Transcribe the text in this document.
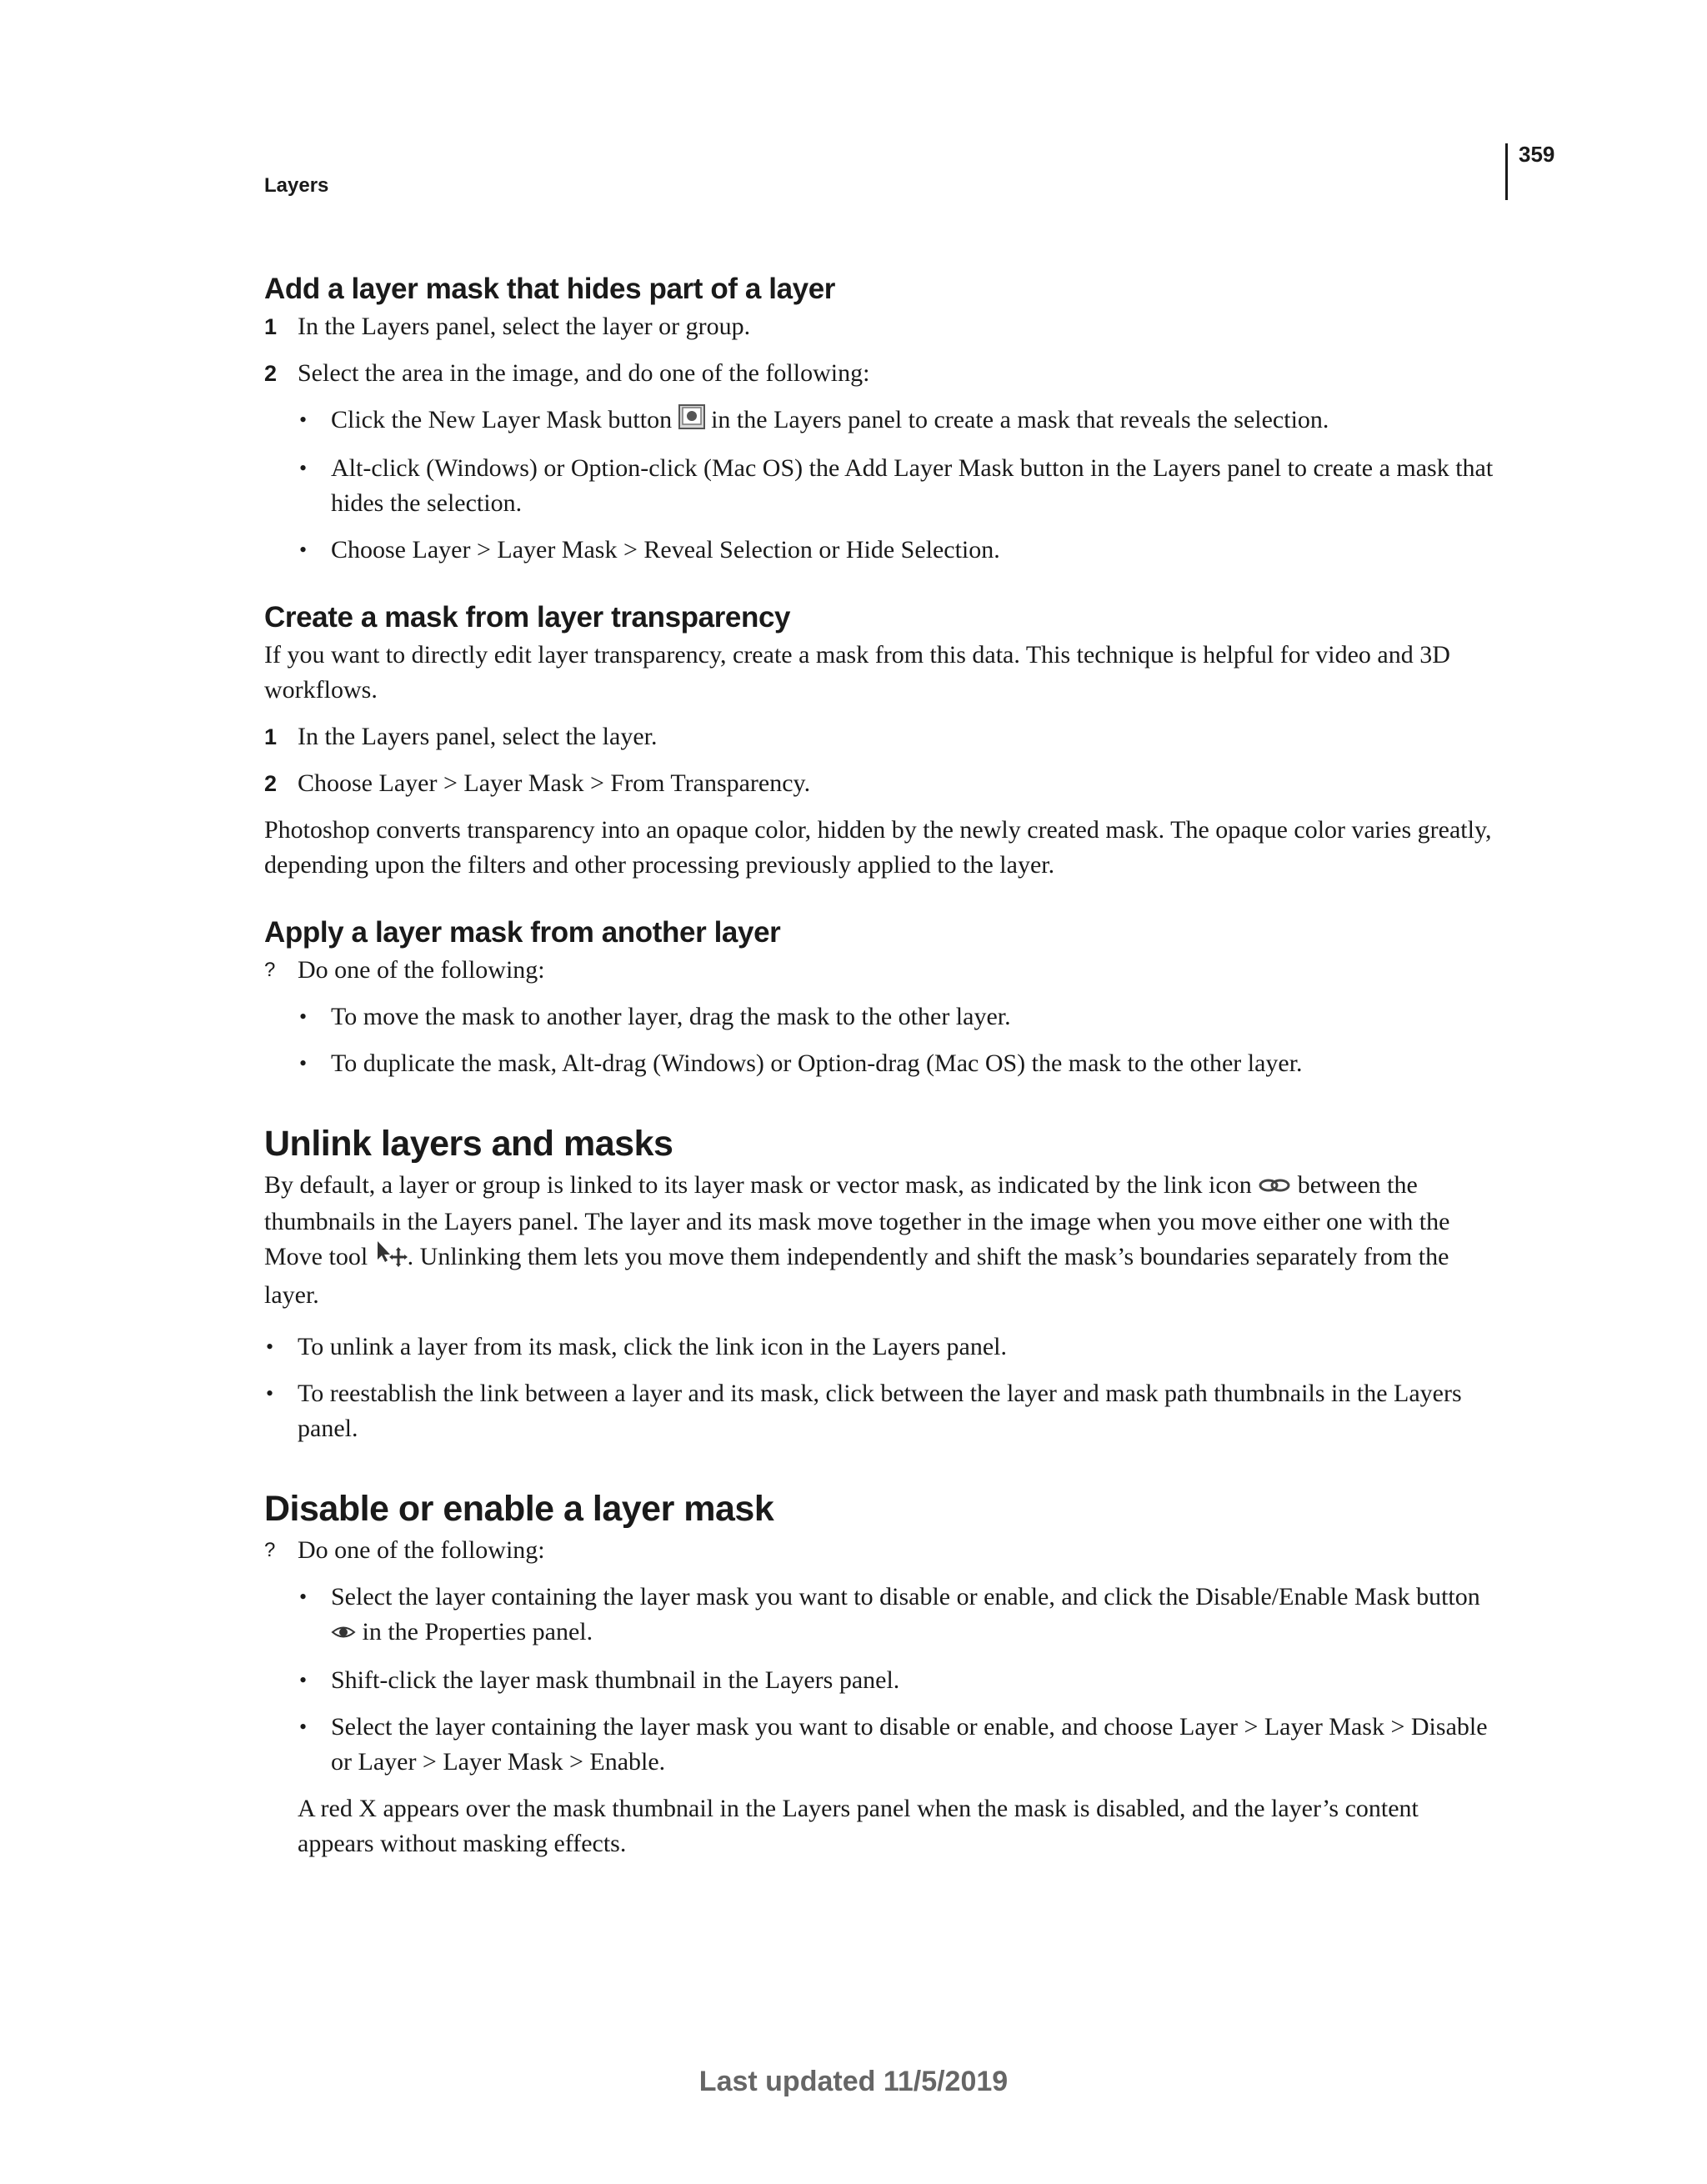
359
Layers
Add a layer mask that hides part of a layer
1 In the Layers panel, select the layer or group.
2 Select the area in the image, and do one of the following:
• Click the New Layer Mask button in the Layers panel to create a mask that reveals the selection.
• Alt-click (Windows) or Option-click (Mac OS) the Add Layer Mask button in the Layers panel to create a mask that hides the selection.
• Choose Layer > Layer Mask > Reveal Selection or Hide Selection.
Create a mask from layer transparency

If you want to directly edit layer transparency, create a mask from this data. This technique is helpful for video and 3D workflows.

1 In the Layers panel, select the layer.
2 Choose Layer > Layer Mask > From Transparency.

Photoshop converts transparency into an opaque color, hidden by the newly created mask. The opaque color varies greatly, depending upon the filters and other processing previously applied to the layer.

Apply a layer mask from another layer
? Do one of the following:
• To move the mask to another layer, drag the mask to the other layer.
• To duplicate the mask, Alt-drag (Windows) or Option-drag (Mac OS) the mask to the other layer.
Unlink layers and masks

By default, a layer or group is linked to its layer mask or vector mask, as indicated by the link icon between the thumbnails in the Layers panel. The layer and its mask move together in the image when you move either one with the Move tool . Unlinking them lets you move them independently and shift the mask’s boundaries separately from the layer.

• To unlink a layer from its mask, click the link icon in the Layers panel.
• To reestablish the link between a layer and its mask, click between the layer and mask path thumbnails in the Layers panel.
Disable or enable a layer mask
? Do one of the following:
• Select the layer containing the layer mask you want to disable or enable, and click the Disable/Enable Mask button  in the Properties panel.
• Shift-click the layer mask thumbnail in the Layers panel.
• Select the layer containing the layer mask you want to disable or enable, and choose Layer > Layer Mask > Disable or Layer > Layer Mask > Enable.

A red X appears over the mask thumbnail in the Layers panel when the mask is disabled, and the layer’s content appears without masking effects.

Last updated 11/5/2019
